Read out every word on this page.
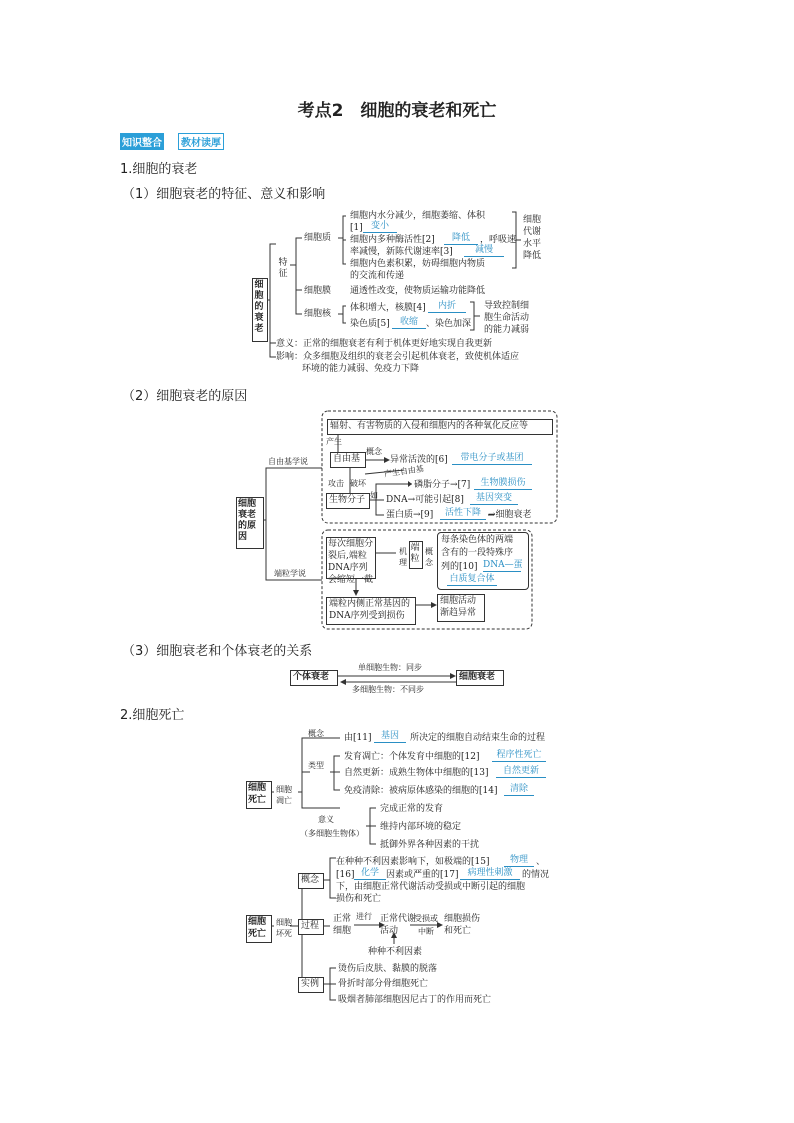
考点2　细胞的衰老和死亡
知识整合	教材读厚
1.细胞的衰老
（1）细胞衰老的特征、意义和影响
细胞的衰老
特征
细胞质
细胞膜
细胞核
细胞内水分减少，细胞萎缩、体积
[1] 变小
细胞内多种酶活性[2]	降低	，呼吸速
率减慢，新陈代谢速率[3]	减慢
细胞内色素积累，妨碍细胞内物质
的交流和传递
细胞代谢水平降低
通透性改变，使物质运输功能降低
体积增大，核膜[4]	内折
染色质[5]	收缩 、染色加深
导致控制细
胞生命活动
的能力减弱
意义：正常的细胞衰老有利于机体更好地实现自我更新
影响：众多细胞及组织的衰老会引起机体衰老，致使机体适应
环境的能力减弱、免疫力下降
（2）细胞衰老的原因
细胞衰老的原因
自由基学说
端粒学说
辐射、有害物质的入侵和细胞内的各种氧化反应等
产生
自由基
概念
异常活泼的[6]	带电分子或基团
产生自由基
攻击 破坏
如
磷脂分子→[7]	生物膜损伤
生物分子 DNA→可能引起[8]	基因突变
蛋白质→[9]	活性下降 →细胞衰老
每次细胞分裂后,端粒DNA序列会缩短一截
机理
端粒
概念
每条染色体的两端
含有的一段特殊序
列的[10] DNA—蛋
白质复合体
端粒内侧正常基因的DNA序列受到损伤
细胞活动渐趋异常
（3）细胞衰老和个体衰老的关系
个体衰老	细胞衰老
单细胞生物：同步
多细胞生物：不同步
2.细胞死亡
细胞死亡
细胞凋亡
概念 由[11]	基因	所决定的细胞自动结束生命的过程
类型
发育凋亡：个体发育中细胞的[12]	程序性死亡
自然更新：成熟生物体中细胞的[13]	自然更新
免疫清除：被病原体感染的细胞的[14]	清除
意义
（多细胞生物体）
完成正常的发育
维持内部环境的稳定
抵御外界各种因素的干扰
细胞死亡
细胞坏死
概念
在种种不利因素影响下，如极端的[15]	物理 、
[16] 化学 因素或严重的[17]	病理性刺激	的情况
下，由细胞正常代谢活动受损或中断引起的细胞
损伤和死亡
过程
正常细胞
进行 正常代谢活动
受损或中断
细胞损伤和死亡
种种不利因素
实例
烫伤后皮肤、黏膜的脱落
骨折时部分骨细胞死亡
吸烟者肺部细胞因尼古丁的作用而死亡
